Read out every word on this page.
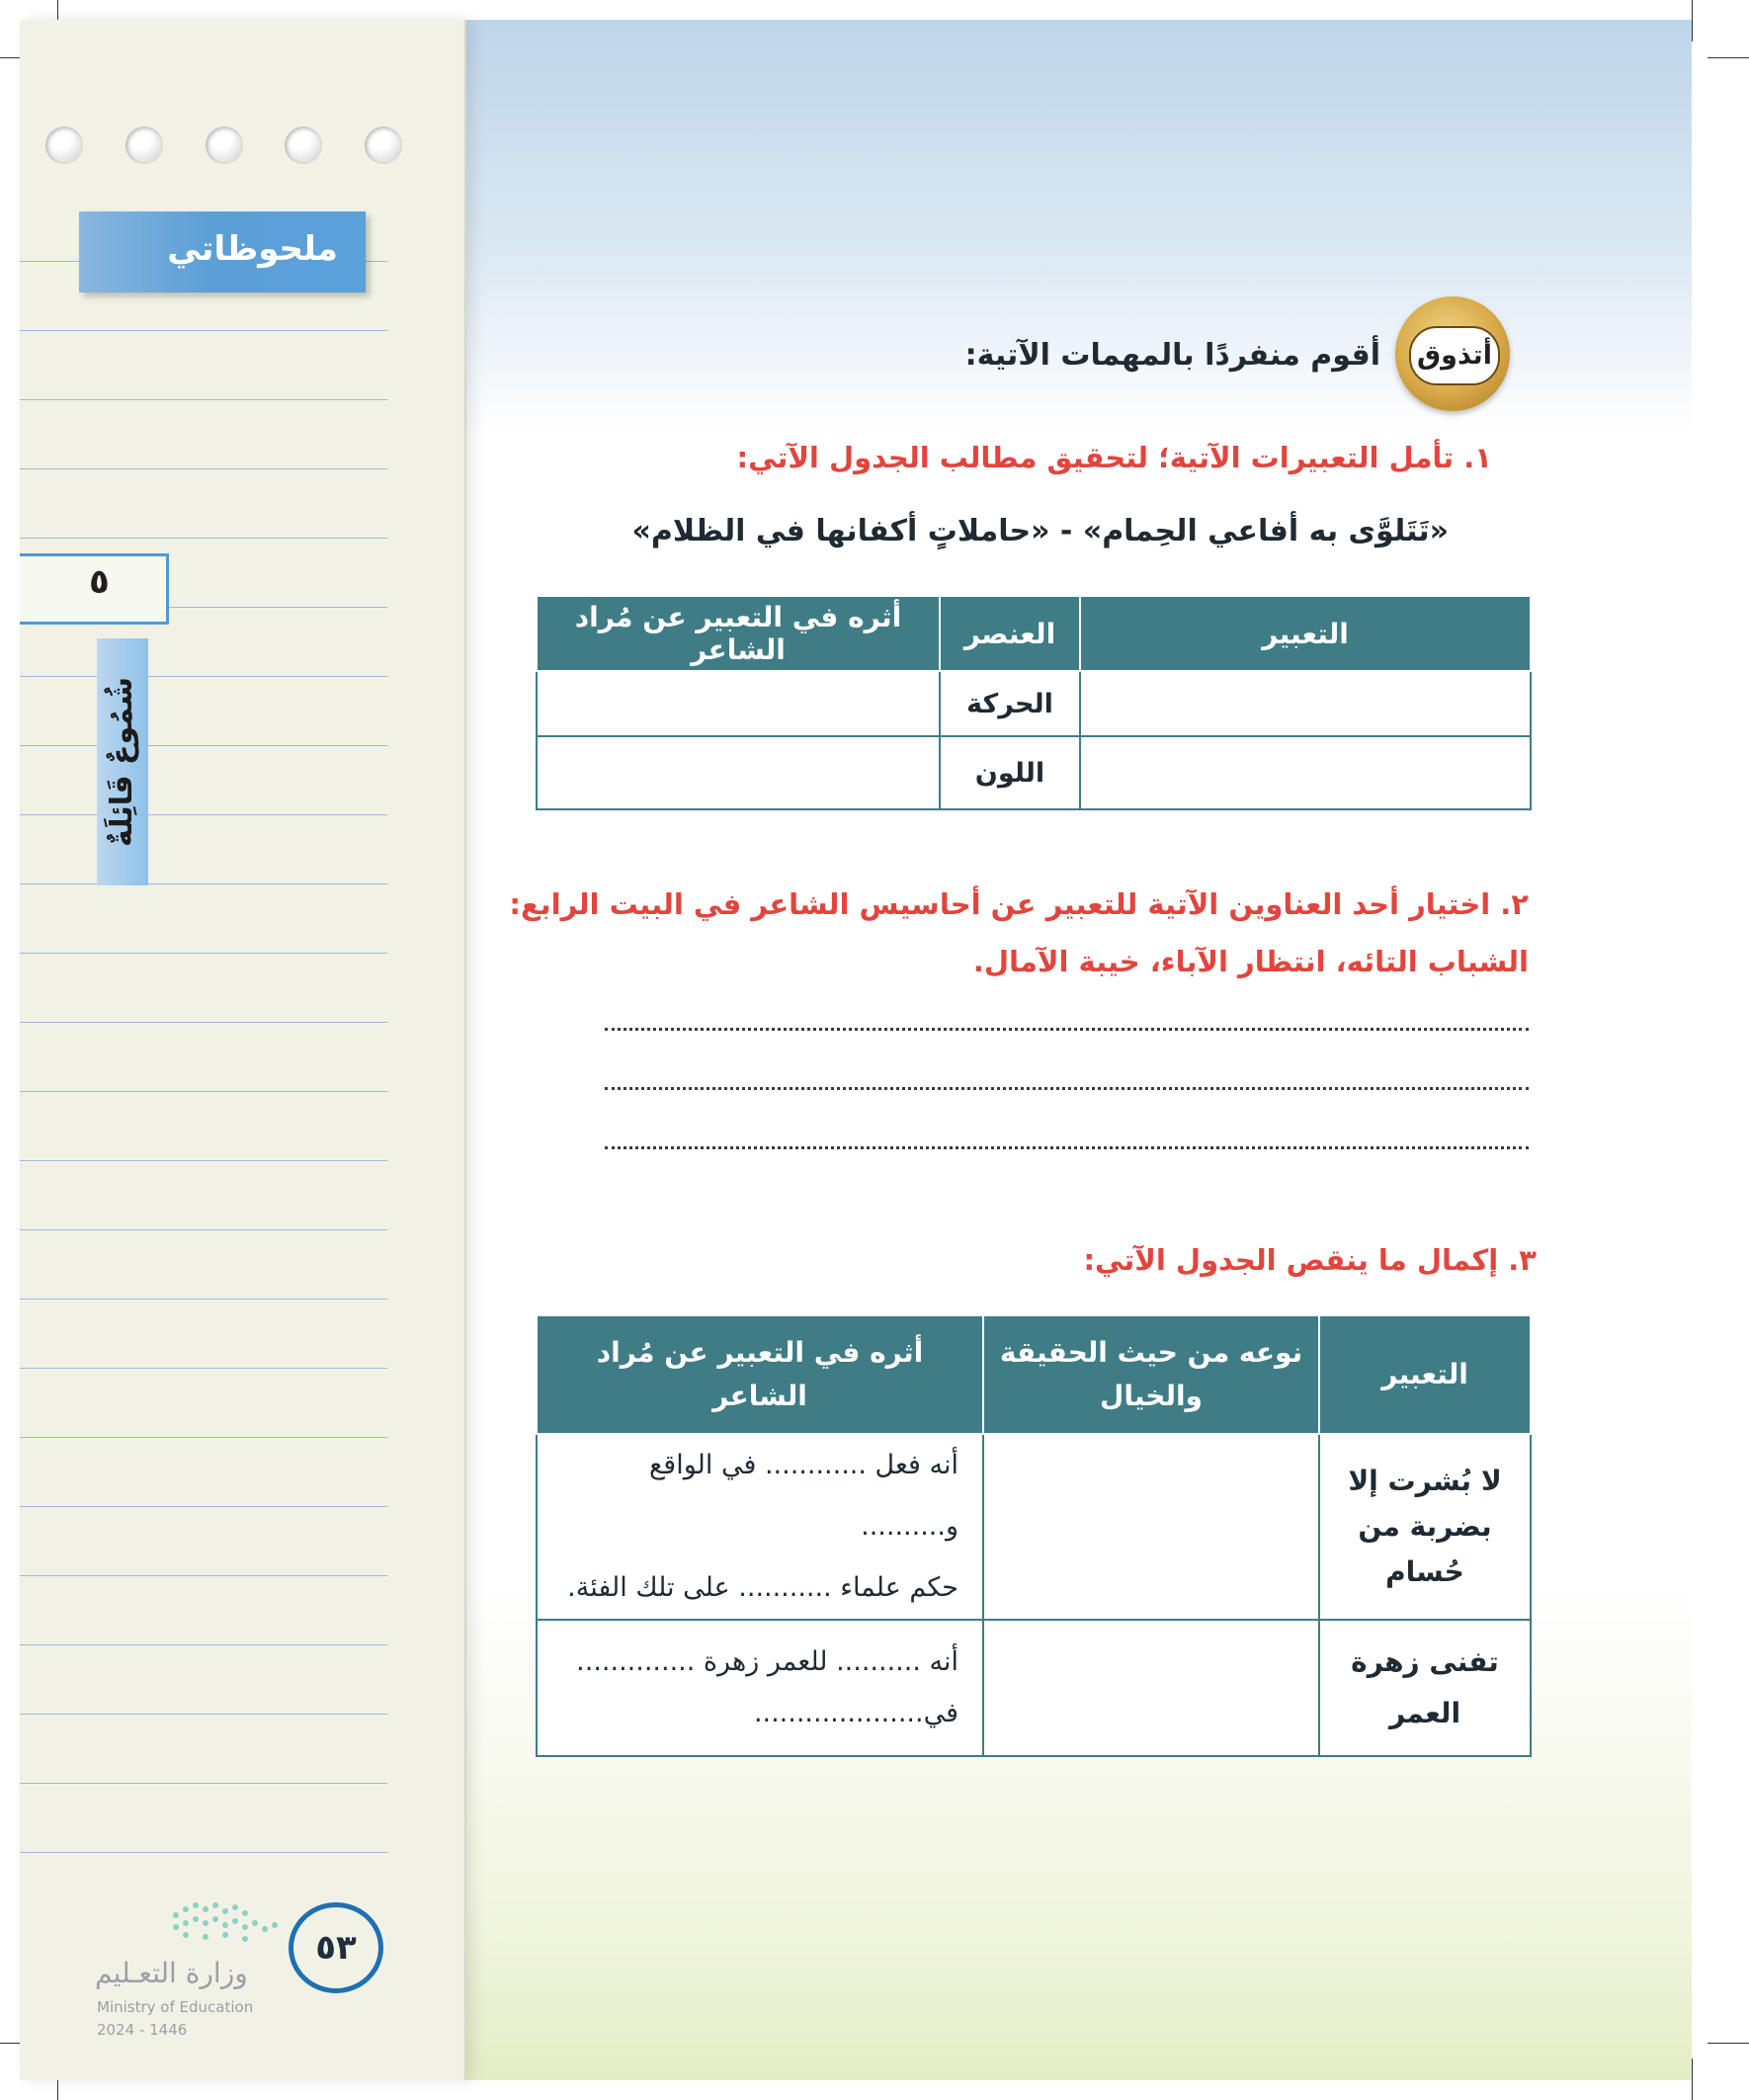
ملحوظاتي
٥
شُمُوعٌ قَائِلَةٌ
٥٣
وزارة التعـليم
Ministry of Education
2024 - 1446
أتذوق
أقوم منفردًا بالمهمات الآتية:
١. تأمل التعبيرات الآتية؛ لتحقيق مطالب الجدول الآتي:
«تَتَلوَّى به أفاعي الحِمام» - «حاملاتٍ أكفانها في الظلام»
التعبير	العنصر	أثره في التعبير عن مُراد الشاعر
	الحركة	
	اللون	
٢. اختيار أحد العناوين الآتية للتعبير عن أحاسيس الشاعر في البيت الرابع:
الشباب التائه، انتظار الآباء، خيبة الآمال.
٣. إكمال ما ينقص الجدول الآتي:
التعبير	نوعه من حيث الحقيقة والخيال	أثره في التعبير عن مُراد الشاعر
لا بُشرت إلا بضربة من حُسام		أنه فعل ............ في الواقع و..........
حكم علماء ........... على تلك الفئة.

تفنى زهرة العمر		أنه .......... للعمر زهرة ..............
في....................
